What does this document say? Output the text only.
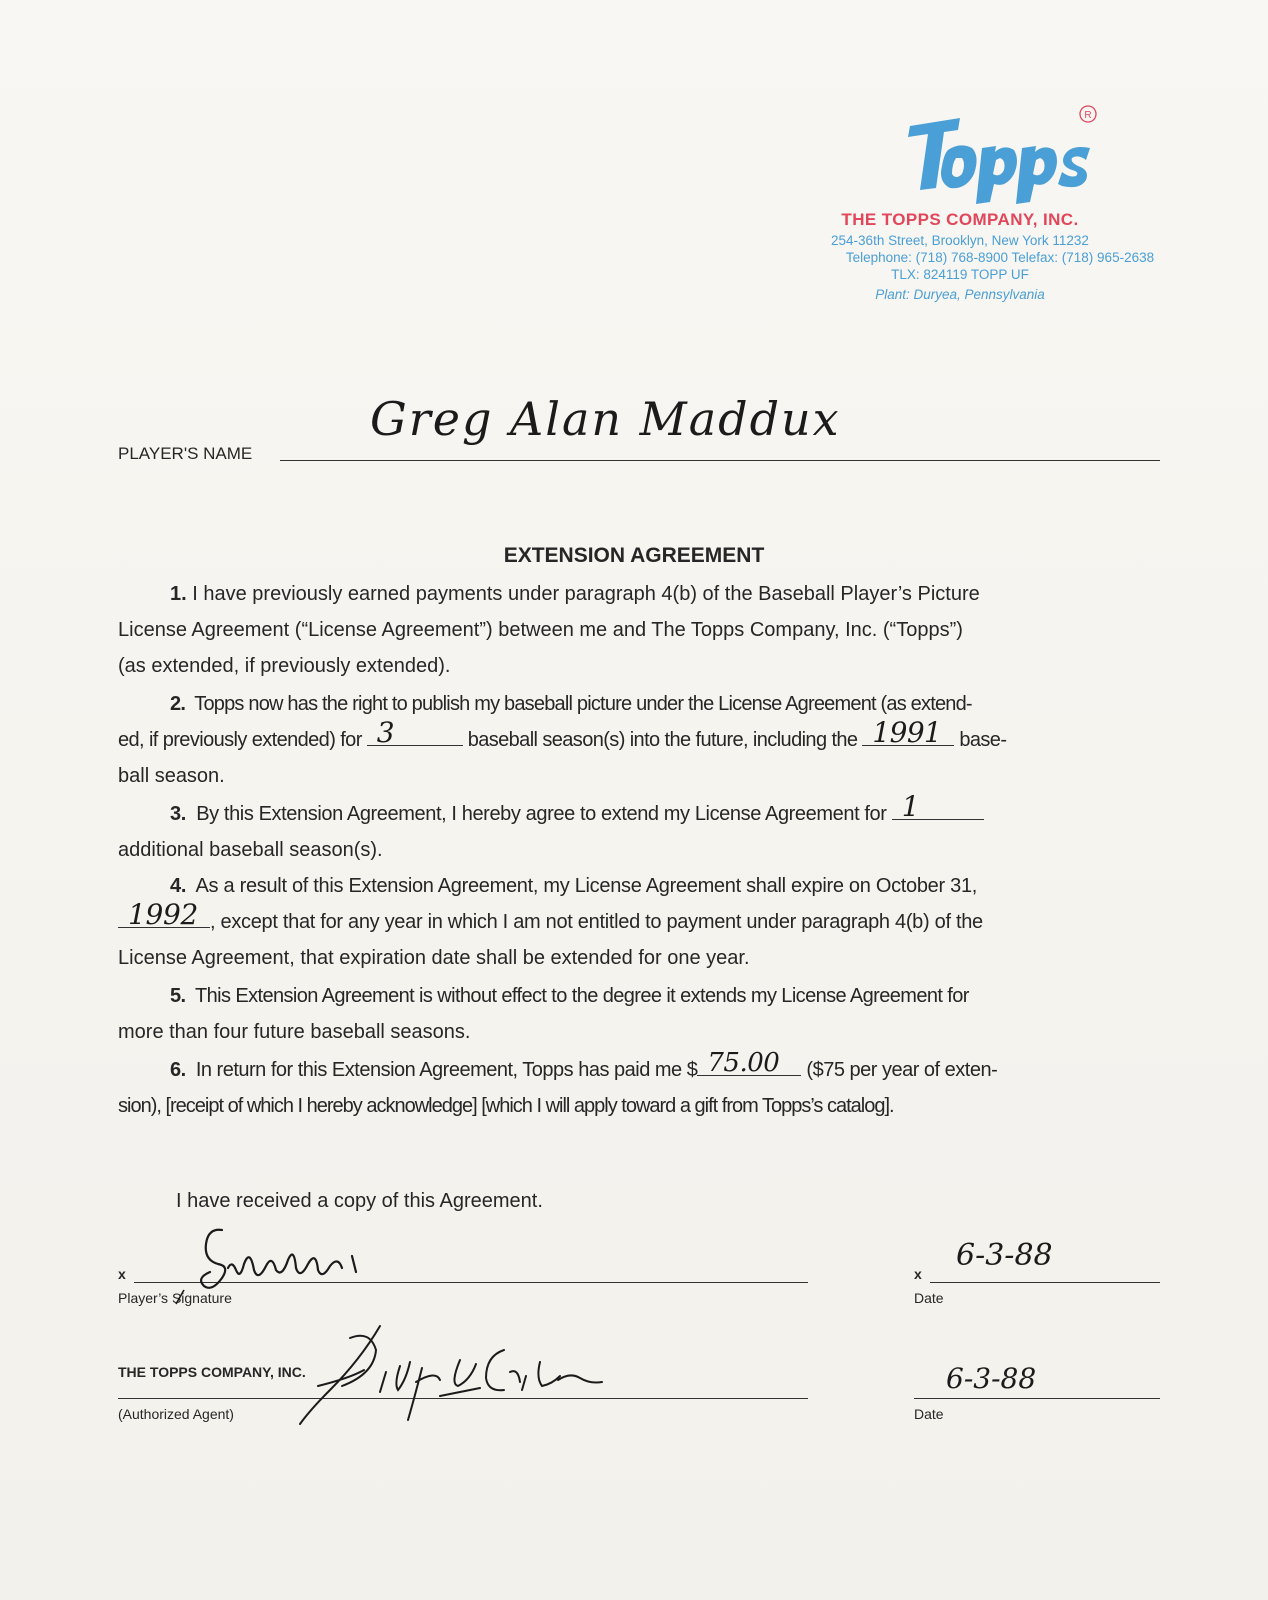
R
THE TOPPS COMPANY, INC.
254-36th Street, Brooklyn, New York 11232
Telephone: (718) 768-8900 Telefax: (718) 965-2638
TLX: 824119 TOPP UF
Plant: Duryea, Pennsylvania
PLAYER'S NAME
Greg Alan Maddux
EXTENSION AGREEMENT
1. I have previously earned payments under paragraph 4(b) of the Baseball Player’s Picture
License Agreement (“License Agreement”) between me and The Topps Company, Inc. (“Topps”)
(as extended, if previously extended).
2. Topps now has the right to publish my baseball picture under the License Agreement (as extend-
ed, if previously extended) for 3	baseball season(s) into the future, including the 1991 base-
ball season.
3. By this Extension Agreement, I hereby agree to extend my License Agreement for 1
additional baseball season(s).
4. As a result of this Extension Agreement, my License Agreement shall expire on October 31,
1992 , except that for any year in which I am not entitled to payment under paragraph 4(b) of the
License Agreement, that expiration date shall be extended for one year.
5. This Extension Agreement is without effect to the degree it extends my License Agreement for
more than four future baseball seasons.
6. In return for this Extension Agreement, Topps has paid me $ 75.00 ($75 per year of exten-
sion), [receipt of which I hereby acknowledge] [which I will apply toward a gift from Topps’s catalog].
I have received a copy of this Agreement.
x
Player’s Signature
x
Date
6-3-88
THE TOPPS COMPANY, INC.
(Authorized Agent)	Date
6-3-88
